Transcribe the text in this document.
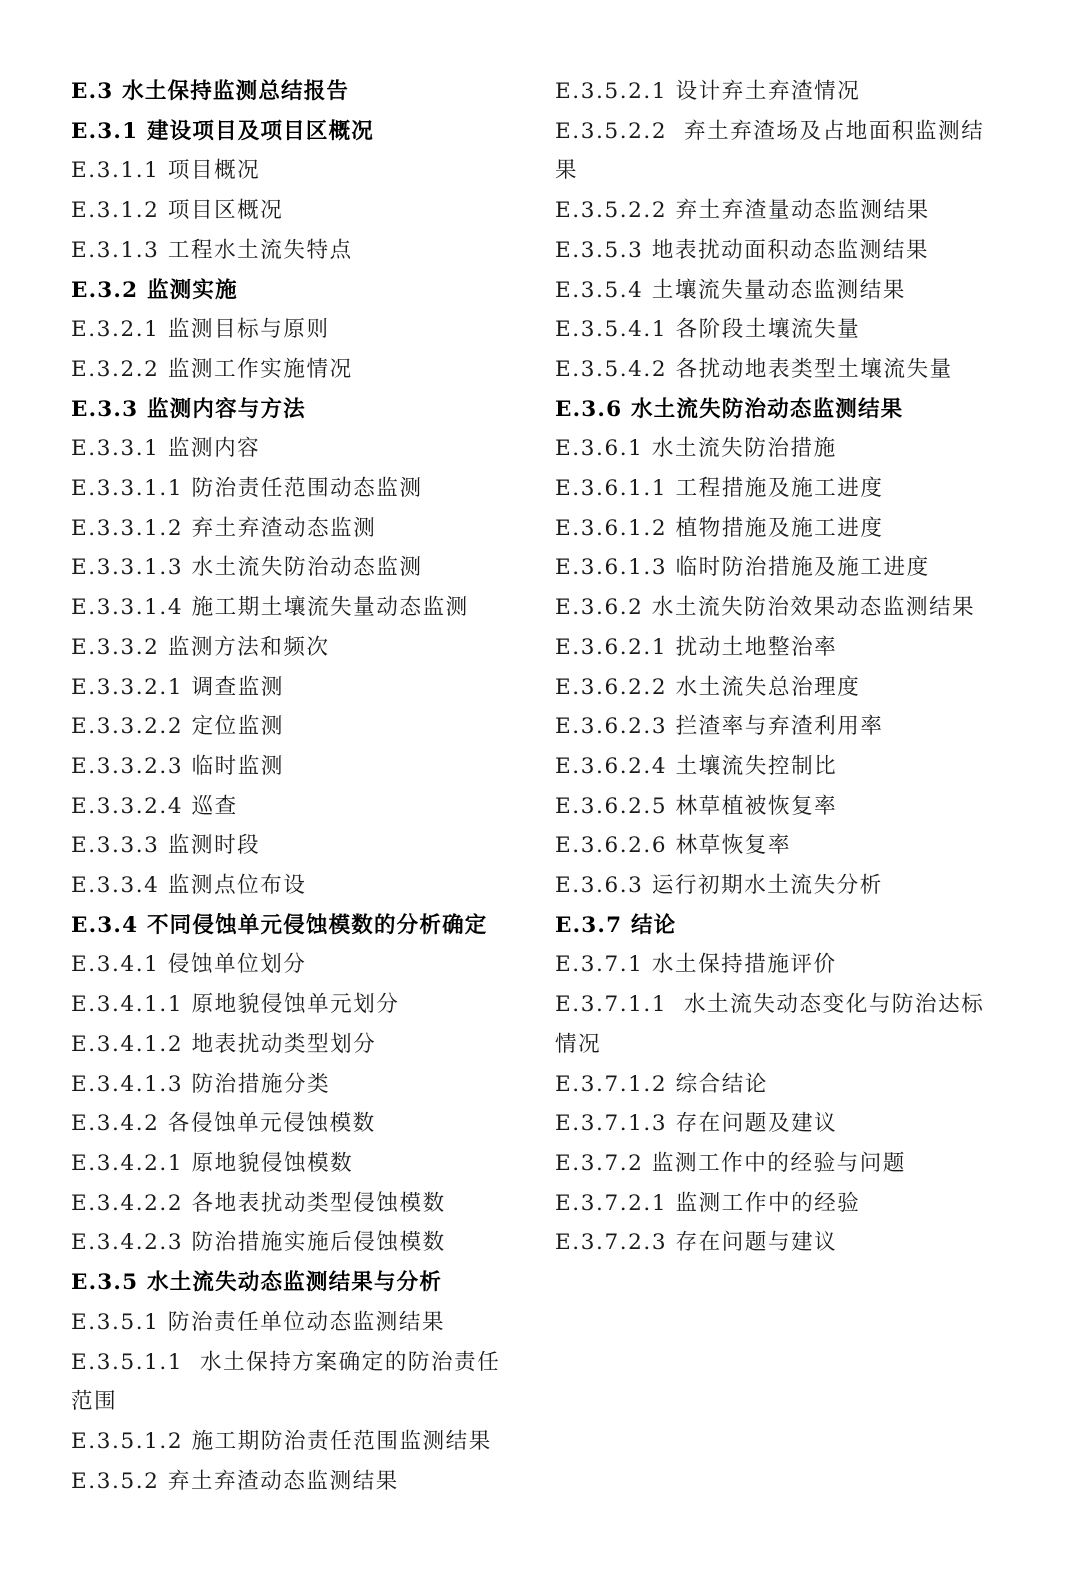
E.3 水土保持监测总结报告
E.3.1 建设项目及项目区概况
E.3.1.1 项目概况
E.3.1.2 项目区概况
E.3.1.3 工程水土流失特点
E.3.2 监测实施
E.3.2.1 监测目标与原则
E.3.2.2 监测工作实施情况
E.3.3 监测内容与方法
E.3.3.1 监测内容
E.3.3.1.1 防治责任范围动态监测
E.3.3.1.2 弃土弃渣动态监测
E.3.3.1.3 水土流失防治动态监测
E.3.3.1.4 施工期土壤流失量动态监测
E.3.3.2 监测方法和频次
E.3.3.2.1 调查监测
E.3.3.2.2 定位监测
E.3.3.2.3 临时监测
E.3.3.2.4 巡查
E.3.3.3 监测时段
E.3.3.4 监测点位布设
E.3.4 不同侵蚀单元侵蚀模数的分析确定
E.3.4.1 侵蚀单位划分
E.3.4.1.1 原地貌侵蚀单元划分
E.3.4.1.2 地表扰动类型划分
E.3.4.1.3 防治措施分类
E.3.4.2 各侵蚀单元侵蚀模数
E.3.4.2.1 原地貌侵蚀模数
E.3.4.2.2 各地表扰动类型侵蚀模数
E.3.4.2.3 防治措施实施后侵蚀模数
E.3.5 水土流失动态监测结果与分析
E.3.5.1 防治责任单位动态监测结果
E.3.5.1.1  水土保持方案确定的防治责任范围
E.3.5.1.2 施工期防治责任范围监测结果
E.3.5.2 弃土弃渣动态监测结果
E.3.5.2.1 设计弃土弃渣情况
E.3.5.2.2  弃土弃渣场及占地面积监测结果
E.3.5.2.2 弃土弃渣量动态监测结果
E.3.5.3 地表扰动面积动态监测结果
E.3.5.4 土壤流失量动态监测结果
E.3.5.4.1 各阶段土壤流失量
E.3.5.4.2 各扰动地表类型土壤流失量
E.3.6 水土流失防治动态监测结果
E.3.6.1 水土流失防治措施
E.3.6.1.1 工程措施及施工进度
E.3.6.1.2 植物措施及施工进度
E.3.6.1.3 临时防治措施及施工进度
E.3.6.2 水土流失防治效果动态监测结果
E.3.6.2.1 扰动土地整治率
E.3.6.2.2 水土流失总治理度
E.3.6.2.3 拦渣率与弃渣利用率
E.3.6.2.4 土壤流失控制比
E.3.6.2.5 林草植被恢复率
E.3.6.2.6 林草恢复率
E.3.6.3 运行初期水土流失分析
E.3.7 结论
E.3.7.1 水土保持措施评价
E.3.7.1.1  水土流失动态变化与防治达标情况
E.3.7.1.2 综合结论
E.3.7.1.3 存在问题及建议
E.3.7.2 监测工作中的经验与问题
E.3.7.2.1 监测工作中的经验
E.3.7.2.3 存在问题与建议
